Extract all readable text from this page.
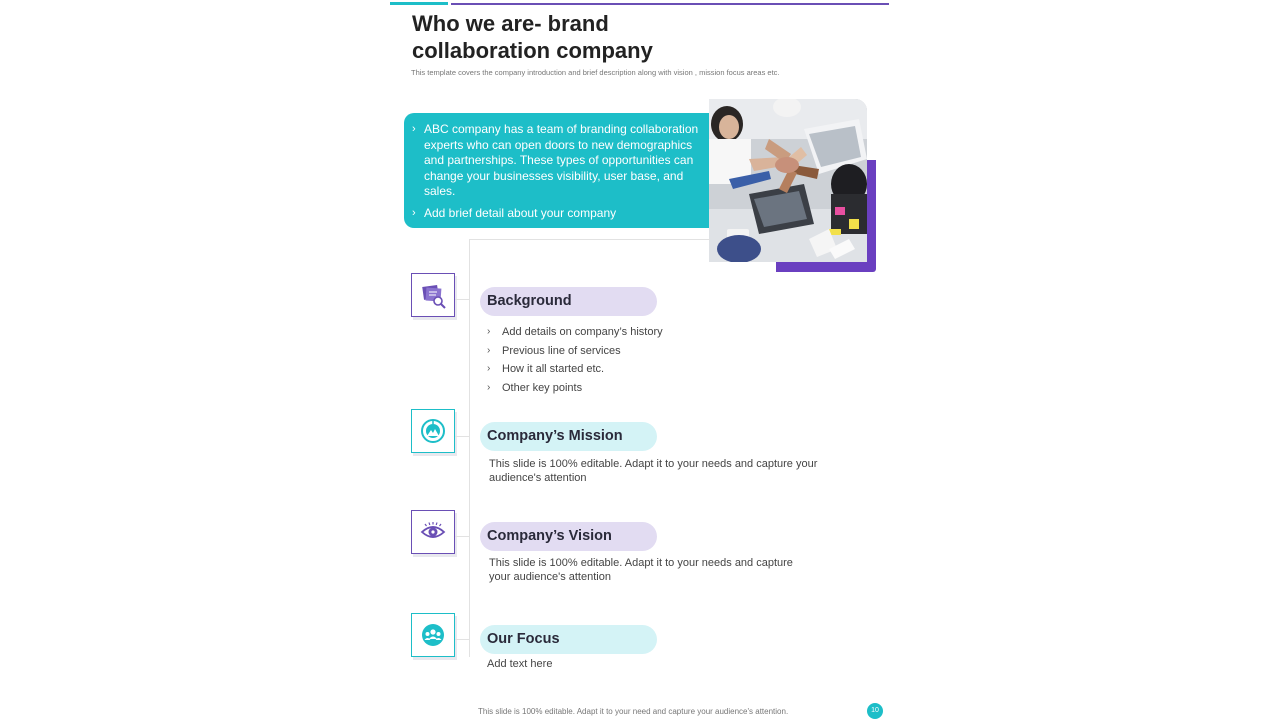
Who we are- brand
collaboration company
This template covers the company introduction and brief description along with vision , mission focus areas etc.
› ABC company has a team of branding collaboration experts who can open doors to new demographics and partnerships. These types of opportunities can change your businesses visibility, user base, and sales.
› Add brief detail about your company
Background
›	Add details on company’s history
›	Previous line of services
›	How it all started etc.
›	Other key points
Company’s Mission
This slide is 100% editable. Adapt it to your needs and capture your
audience's attention
Company’s Vision
This slide is 100% editable. Adapt it to your needs and capture
your audience's attention
Our Focus
Add text here
This slide is 100% editable. Adapt it to your need and capture your audience's attention.	10
